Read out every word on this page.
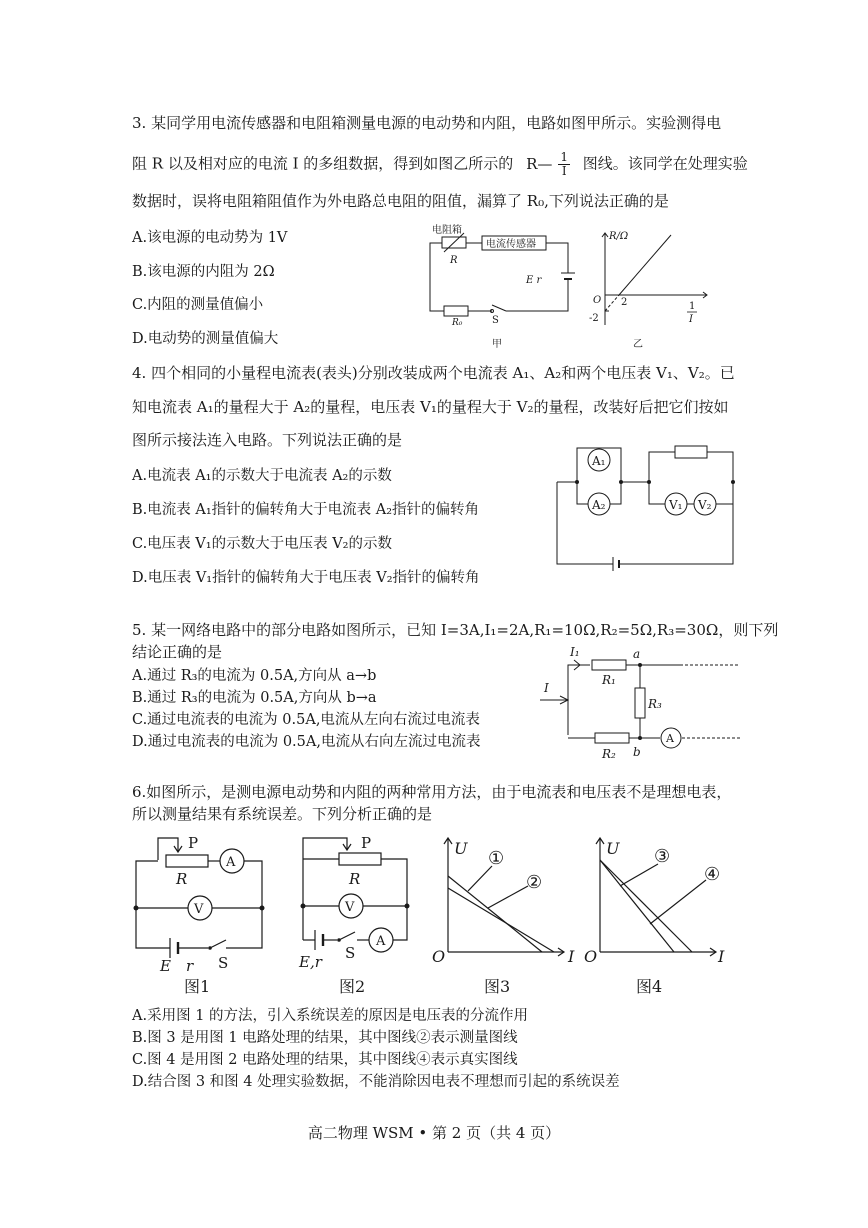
3. 某同学用电流传感器和电阻箱测量电源的电动势和内阻，电路如图甲所示。实验测得电
阻 R 以及相对应的电流 I 的多组数据，得到如图乙所示的 R— $\frac{1}{I}$ 图线。该同学在处理实验
数据时，误将电阻箱阻值作为外电路总电阻的阻值，漏算了 R₀,下列说法正确的是
A.该电源的电动势为 1V
B.该电源的内阻为 2Ω
C.内阻的测量值偏小
D.电动势的测量值偏大
电阻箱
R
电流传感器
E r
R₀	S
甲
R/Ω
O 2
-2
1
I
乙
4. 四个相同的小量程电流表(表头)分别改装成两个电流表 A₁、A₂和两个电压表 V₁、V₂。已
知电流表 A₁的量程大于 A₂的量程，电压表 V₁的量程大于 V₂的量程，改装好后把它们按如
图所示接法连入电路。下列说法正确的是
A.电流表 A₁的示数大于电流表 A₂的示数
B.电流表 A₁指针的偏转角大于电流表 A₂指针的偏转角
C.电压表 V₁的示数大于电压表 V₂的示数
D.电压表 V₁指针的偏转角大于电压表 V₂指针的偏转角
A₁
A₂	V₁ V₂
5. 某一网络电路中的部分电路如图所示，已知 I=3A,I₁=2A,R₁=10Ω,R₂=5Ω,R₃=30Ω，则下列
结论正确的是
A.通过 R₃的电流为 0.5A,方向从 a→b
B.通过 R₃的电流为 0.5A,方向从 b→a
C.通过电流表的电流为 0.5A,电流从左向右流过电流表
D.通过电流表的电流为 0.5A,电流从右向左流过电流表
I₁
I
a
b
R₁
R₂
R₃
A
6.如图所示，是测电源电动势和内阻的两种常用方法，由于电流表和电压表不是理想电表，
所以测量结果有系统误差。下列分析正确的是
P
R
A
V
E r S
图1
P
R
V
E,r S
A
图2
U
O	I
①
②
图3
U
O	I
③
④
图4
A.采用图 1 的方法，引入系统误差的原因是电压表的分流作用
B.图 3 是用图 1 电路处理的结果，其中图线②表示测量图线
C.图 4 是用图 2 电路处理的结果，其中图线④表示真实图线
D.结合图 3 和图 4 处理实验数据，不能消除因电表不理想而引起的系统误差
高二物理 WSM • 第 2 页（共 4 页）
